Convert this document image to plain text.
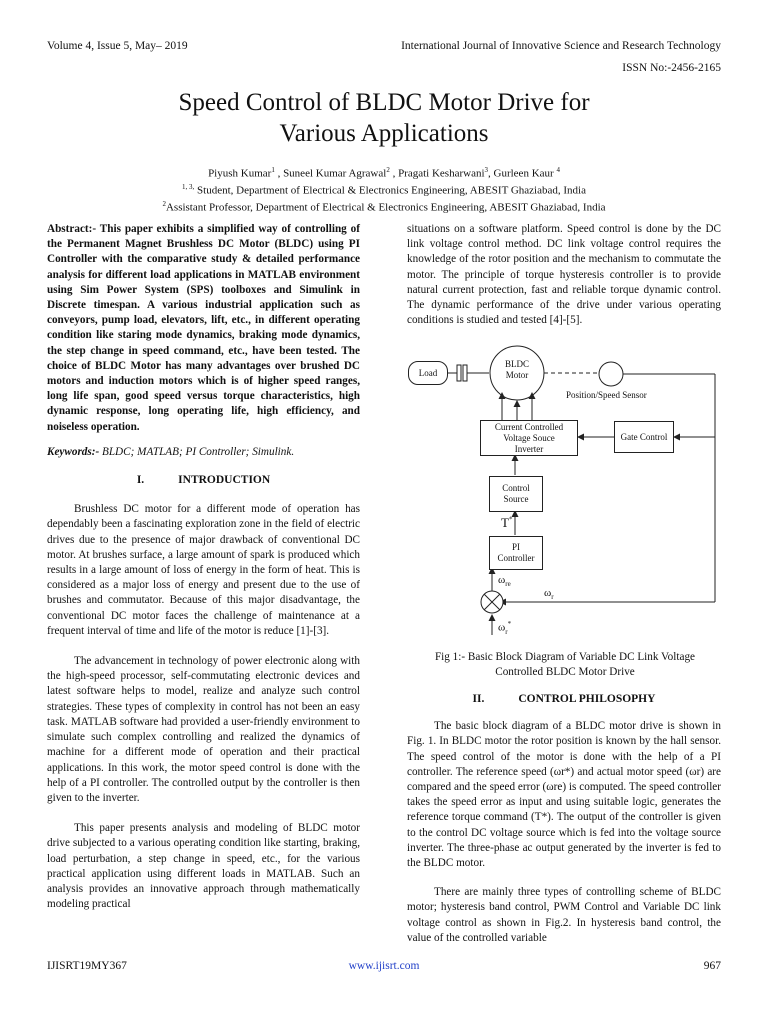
Volume 4, Issue 5, May– 2019	International Journal of Innovative Science and Research Technology
ISSN No:-2456-2165
Speed Control of BLDC Motor Drive for
Various Applications
Piyush Kumar$^1$ , Suneel Kumar Agrawal$^2$ , Pragati Kesharwani$^3$, Gurleen Kaur $^4$
$^{1, 3,}$ Student, Department of Electrical & Electronics Engineering, ABESIT Ghaziabad, India
$^2$Assistant Professor, Department of Electrical & Electronics Engineering, ABESIT Ghaziabad, India

Abstract:- This paper exhibits a simplified way of controlling of the Permanent Magnet Brushless DC Motor (BLDC) using PI Controller with the comparative study & detailed performance analysis for different load applications in MATLAB environment using Sim Power System (SPS) toolboxes and Simulink in Discrete timespan. A various industrial application such as conveyors, pump load, elevators, lift, etc., in different operating condition like staring mode dynamics, braking mode dynamics, the step change in speed command, etc., have been tested. The choice of BLDC Motor has many advantages over brushed DC motors and induction motors which is of higher speed ranges, long life span, good speed versus torque characteristics, high dynamic response, long operating life, high efficiency, and noiseless operation.

Keywords:- BLDC; MATLAB; PI Controller; Simulink.

I.	INTRODUCTION

Brushless DC motor for a different mode of operation has dependably been a fascinating exploration zone in the field of electric drives due to the presence of major drawback of conventional DC motor. At brushes surface, a large amount of spark is produced which results in a large amount of loss of energy in the form of heat. This is considered as a major loss of energy and present due to the use of brushes and commutator. Because of this major disadvantage, the conventional DC motor faces the challenge of maintenance at a frequent interval of time and life of the motor is reduce [1]-[3].

The advancement in technology of power electronic along with the high-speed processor, self-commutating electronic devices and latest software helps to model, realize and analyze such control strategies. These types of complexity in control has not been an easy task. MATLAB software had provided a user-friendly environment to simulate such complex controlling and realized the dynamics of machine for a different mode of operation and their practical applications. In this work, the motor speed control is done with the help of a PI controller. The controlled output by the controller is then given to the inverter.

This paper presents analysis and modeling of BLDC motor drive subjected to a various operating condition like starting, braking, load perturbation, a step change in speed, etc., for the various practical application using different loads in MATLAB. Such an analysis provides an innovative approach through mathematically modeling practical

situations on a software platform. Speed control is done by the DC link voltage control method. DC link voltage control requires the knowledge of the rotor position and the mechanism to commutate the motor. The principle of torque hysteresis controller is to provide natural current protection, fast and reliable torque dynamic control. The dynamic performance of the drive under various operating conditions is studied and tested [4]-[5].

Load
BLDC
Motor
Position/Speed Sensor
Current Controlled
Voltage Souce
Inverter
Gate Control
Control
Source
T*
PI
Controller
$\omega_{re}$
$\omega_r$
$\omega_r^*$
Fig 1:- Basic Block Diagram of Variable DC Link Voltage
Controlled BLDC Motor Drive

II.	CONTROL PHILOSOPHY

The basic block diagram of a BLDC motor drive is shown in Fig. 1. In BLDC motor the rotor position is known by the hall sensor. The speed control of the motor is done with the help of a PI controller. The reference speed (ωr*) and actual motor speed (ωr) are compared and the speed error (ωre) is computed. The speed controller takes the speed error as input and using suitable logic, generates the reference torque command (T*). The output of the controller is given to the control DC voltage source which is fed into the voltage source inverter. The three-phase ac output generated by the inverter is fed to the BLDC motor.

There are mainly three types of controlling scheme of BLDC motor; hysteresis band control, PWM Control and Variable DC link voltage control as shown in Fig.2. In hysteresis band control, the value of the controlled variable

IJISRT19MY367	www.ijisrt.com	967
